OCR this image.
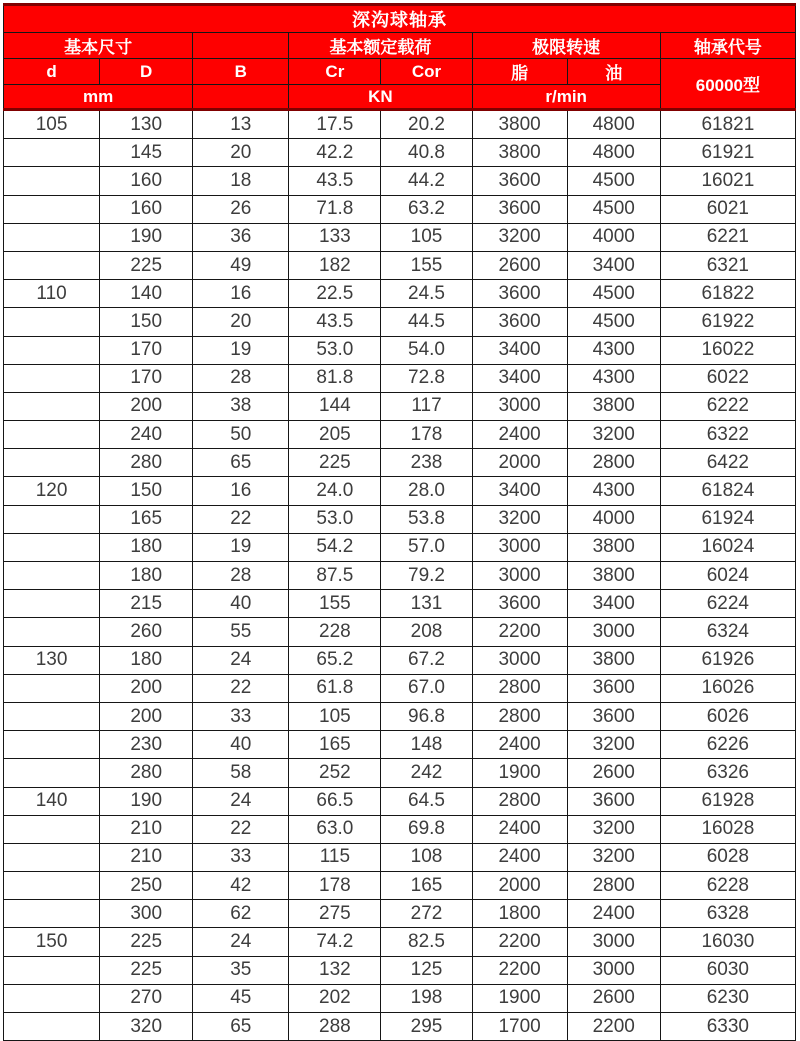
深沟球轴承							
基本尺寸			基本额定载荷		极限转速		轴承代号
d	D	B	Cr	Cor	脂	油	60000型
mm			KN		r/min		
105	130	13	17.5	20.2	3800	4800	61821
	145	20	42.2	40.8	3800	4800	61921
	160	18	43.5	44.2	3600	4500	16021
	160	26	71.8	63.2	3600	4500	6021
	190	36	133	105	3200	4000	6221
	225	49	182	155	2600	3400	6321
110	140	16	22.5	24.5	3600	4500	61822
	150	20	43.5	44.5	3600	4500	61922
	170	19	53.0	54.0	3400	4300	16022
	170	28	81.8	72.8	3400	4300	6022
	200	38	144	117	3000	3800	6222
	240	50	205	178	2400	3200	6322
	280	65	225	238	2000	2800	6422
120	150	16	24.0	28.0	3400	4300	61824
	165	22	53.0	53.8	3200	4000	61924
	180	19	54.2	57.0	3000	3800	16024
	180	28	87.5	79.2	3000	3800	6024
	215	40	155	131	3600	3400	6224
	260	55	228	208	2200	3000	6324
130	180	24	65.2	67.2	3000	3800	61926
	200	22	61.8	67.0	2800	3600	16026
	200	33	105	96.8	2800	3600	6026
	230	40	165	148	2400	3200	6226
	280	58	252	242	1900	2600	6326
140	190	24	66.5	64.5	2800	3600	61928
	210	22	63.0	69.8	2400	3200	16028
	210	33	115	108	2400	3200	6028
	250	42	178	165	2000	2800	6228
	300	62	275	272	1800	2400	6328
150	225	24	74.2	82.5	2200	3000	16030
	225	35	132	125	2200	3000	6030
	270	45	202	198	1900	2600	6230
	320	65	288	295	1700	2200	6330
